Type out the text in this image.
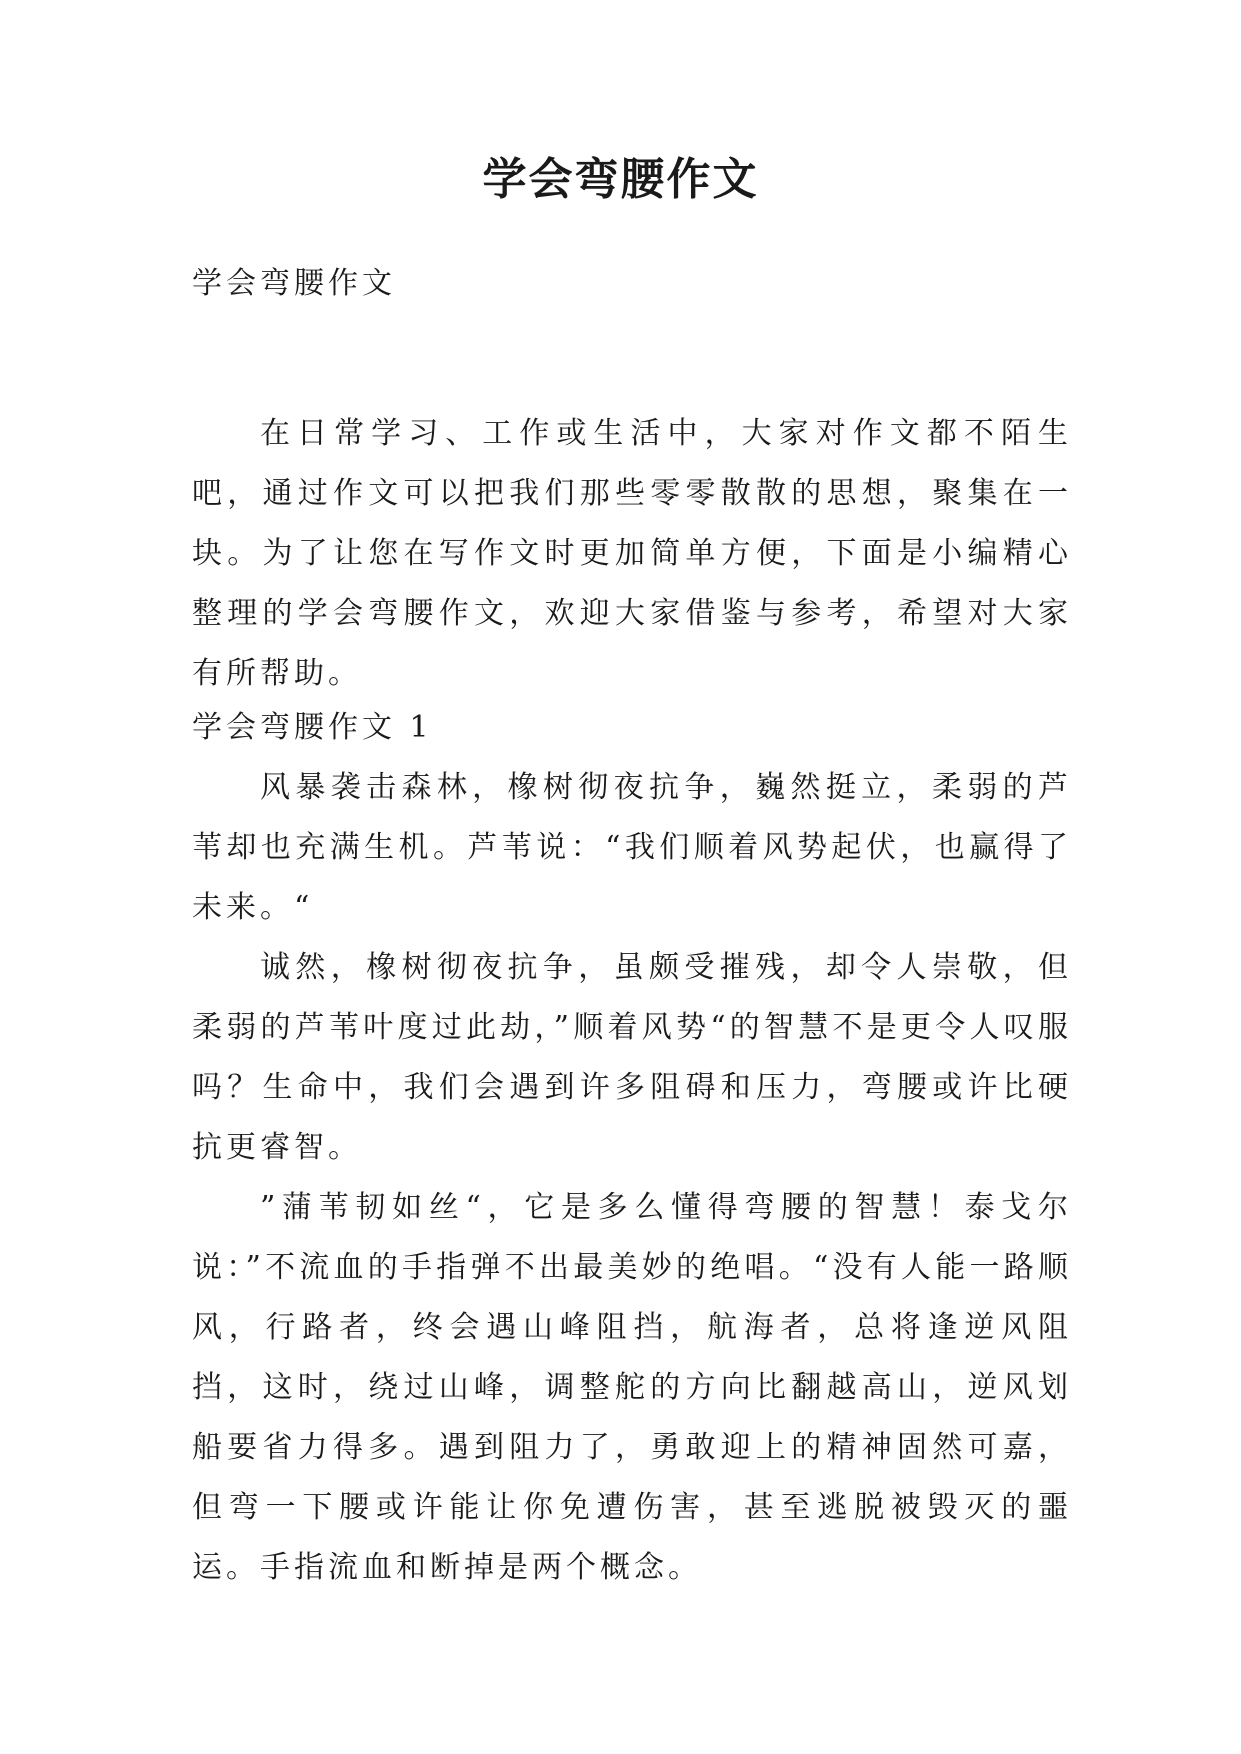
学会弯腰作文

学会弯腰作文

在日常学习、工作或生活中，大家对作文都不陌生吧，通过作文可以把我们那些零零散散的思想，聚集在一块。为了让您在写作文时更加简单方便，下面是小编精心整理的学会弯腰作文，欢迎大家借鉴与参考，希望对大家有所帮助。

学会弯腰作文 1

风暴袭击森林，橡树彻夜抗争，巍然挺立，柔弱的芦苇却也充满生机。芦苇说：“我们顺着风势起伏，也赢得了未来。“

诚然，橡树彻夜抗争，虽颇受摧残，却令人崇敬，但柔弱的芦苇叶度过此劫，”顺着风势“的智慧不是更令人叹服吗？生命中，我们会遇到许多阻碍和压力，弯腰或许比硬抗更睿智。

”蒲苇韧如丝“，它是多么懂得弯腰的智慧！泰戈尔说：”不流血的手指弹不出最美妙的绝唱。“没有人能一路顺风，行路者，终会遇山峰阻挡，航海者，总将逢逆风阻挡，这时，绕过山峰，调整舵的方向比翻越高山，逆风划船要省力得多。遇到阻力了，勇敢迎上的精神固然可嘉，但弯一下腰或许能让你免遭伤害，甚至逃脱被毁灭的噩运。手指流血和断掉是两个概念。
